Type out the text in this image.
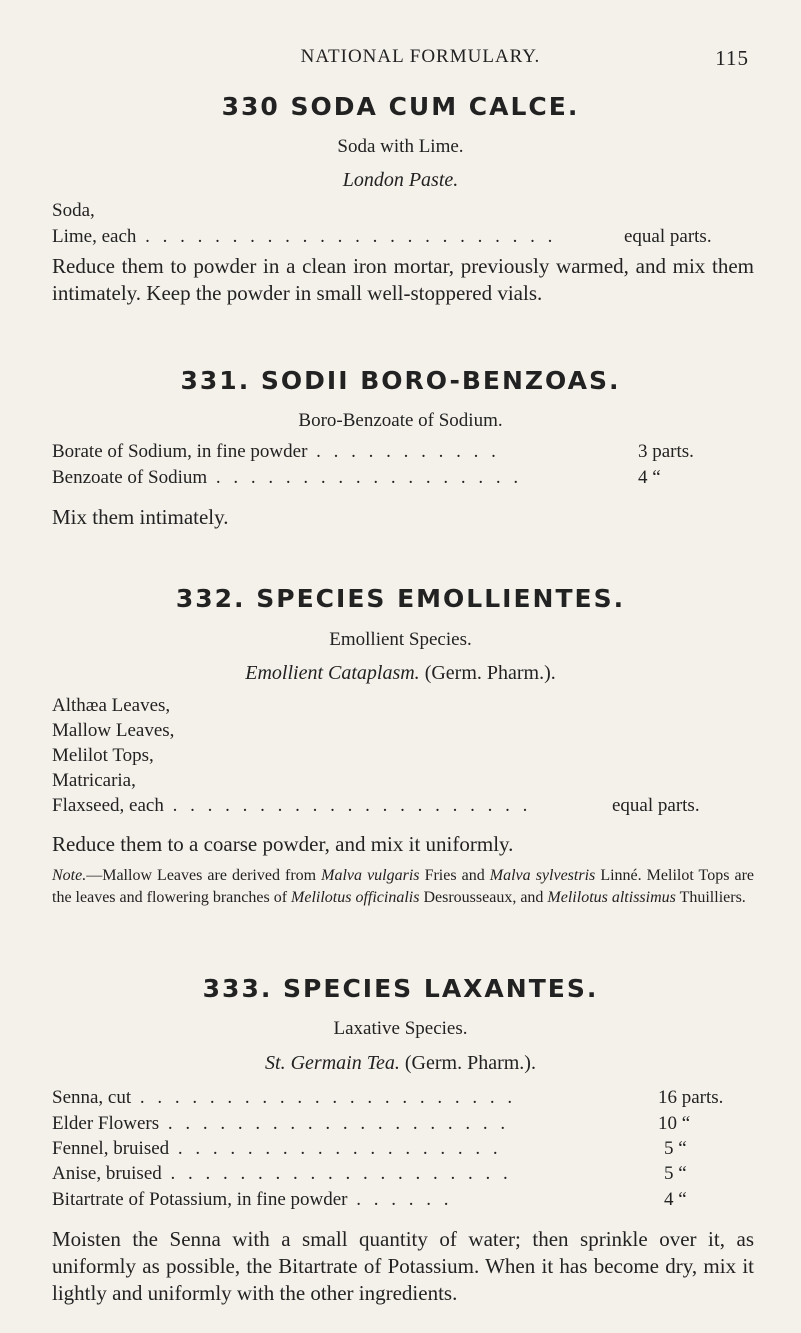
NATIONAL FORMULARY.	115
330 SODA CUM CALCE.
Soda with Lime.
London Paste.
Soda,
Lime, each . . . . . . . . . . . . . . . . . . . . . . . .	equal parts.
Reduce them to powder in a clean iron mortar, previously warmed, and mix them intimately. Keep the powder in small well-stoppered vials.
331. SODII BORO-BENZOAS.
Boro-Benzoate of Sodium.
Borate of Sodium, in fine powder . . . . . . . . . . .	3 parts.
Benzoate of Sodium . . . . . . . . . . . . . . . . . .	4 “
Mix them intimately.
332. SPECIES EMOLLIENTES.
Emollient Species.
Emollient Cataplasm. (Germ. Pharm.).
Althæa Leaves,
Mallow Leaves,
Melilot Tops,
Matricaria,
Flaxseed, each . . . . . . . . . . . . . . . . . . . . .	equal parts.
Reduce them to a coarse powder, and mix it uniformly.
Note.—Mallow Leaves are derived from Malva vulgaris Fries and Malva sylvestris Linné. Melilot Tops are the leaves and flowering branches of Melilotus officinalis Desrousseaux, and Melilotus altissimus Thuilliers.
333. SPECIES LAXANTES.
Laxative Species.
St. Germain Tea. (Germ. Pharm.).
Senna, cut . . . . . . . . . . . . . . . . . . . . . .	16 parts.
Elder Flowers . . . . . . . . . . . . . . . . . . . .	10 “
Fennel, bruised . . . . . . . . . . . . . . . . . . .	5 “
Anise, bruised . . . . . . . . . . . . . . . . . . . .	5 “
Bitartrate of Potassium, in fine powder . . . . . .	4 “
Moisten the Senna with a small quantity of water; then sprinkle over it, as uniformly as possible, the Bitartrate of Potassium. When it has become dry, mix it lightly and uniformly with the other ingredients.
